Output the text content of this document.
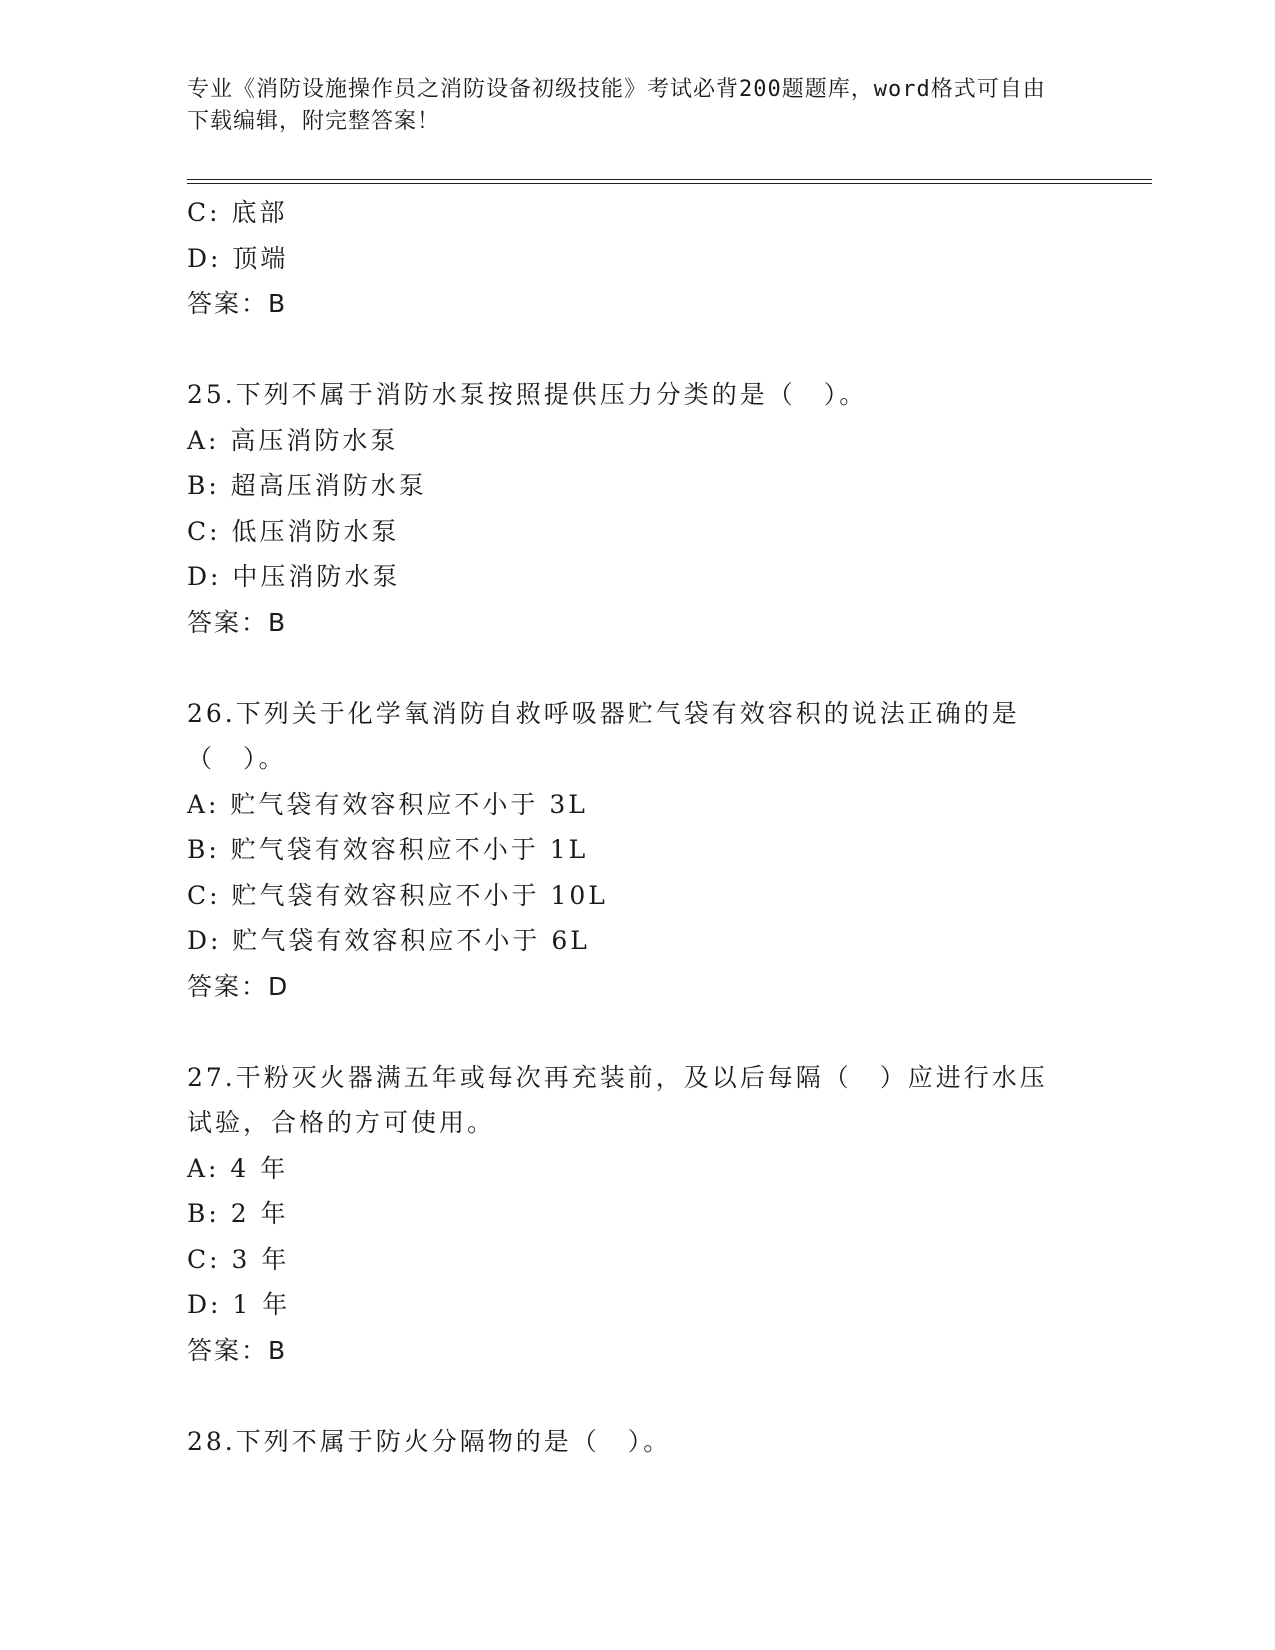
专业《消防设施操作员之消防设备初级技能》考试必背200题题库，word格式可自由下载编辑，附完整答案！

C: 底部

D: 顶端

答案：B

25.下列不属于消防水泵按照提供压力分类的是（　）。

A: 高压消防水泵

B: 超高压消防水泵

C: 低压消防水泵

D: 中压消防水泵

答案：B

26.下列关于化学氧消防自救呼吸器贮气袋有效容积的说法正确的是（　）。

A: 贮气袋有效容积应不小于 3L

B: 贮气袋有效容积应不小于 1L

C: 贮气袋有效容积应不小于 10L

D: 贮气袋有效容积应不小于 6L

答案：D

27.干粉灭火器满五年或每次再充装前，及以后每隔（　）应进行水压试验，合格的方可使用。

A: 4 年

B: 2 年

C: 3 年

D: 1 年

答案：B

28.下列不属于防火分隔物的是（　）。
